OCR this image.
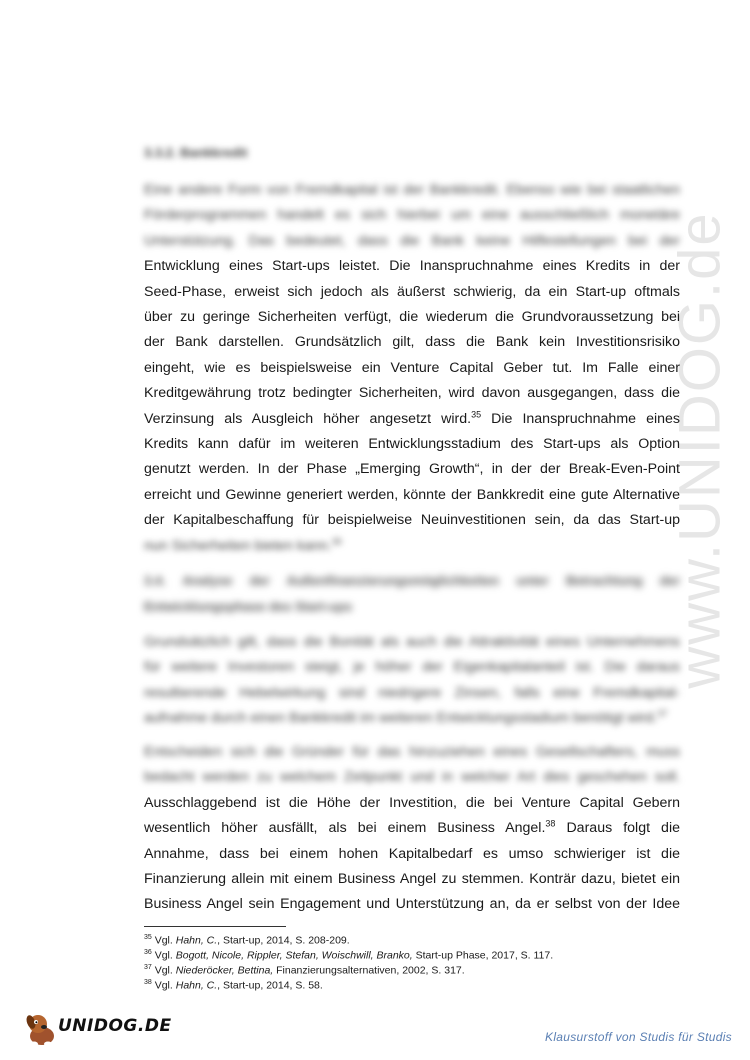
www.UNIDOG.de
3.3.2. Bankkredit
Eine andere Form von Fremdkapital ist der Bankkredit. Ebenso wie bei staatlichen
Förderprogrammen handelt es sich hierbei um eine ausschließlich monetäre
Unterstützung. Das bedeutet, dass die Bank keine Hilfestellungen bei der
Entwicklung eines Start-ups leistet. Die Inanspruchnahme eines Kredits in der
Seed-Phase, erweist sich jedoch als äußerst schwierig, da ein Start-up oftmals
über zu geringe Sicherheiten verfügt, die wiederum die Grundvoraussetzung bei
der Bank darstellen. Grundsätzlich gilt, dass die Bank kein Investitionsrisiko
eingeht, wie es beispielsweise ein Venture Capital Geber tut. Im Falle einer
Kreditgewährung trotz bedingter Sicherheiten, wird davon ausgegangen, dass die
Verzinsung als Ausgleich höher angesetzt wird.$^{35}$ Die Inanspruchnahme eines
Kredits kann dafür im weiteren Entwicklungsstadium des Start-ups als Option
genutzt werden. In der Phase „Emerging Growth“, in der der Break-Even-Point
erreicht und Gewinne generiert werden, könnte der Bankkredit eine gute Alternative
der Kapitalbeschaffung für beispielweise Neuinvestitionen sein, da das Start-up
nun Sicherheiten bieten kann.$^{36}$
3.4. Analyse der Außenfinanzierungsmöglichkeiten unter Betrachtung der
Entwicklungsphase des Start-ups
Grundsätzlich gilt, dass die Bonität als auch die Attraktivität eines Unternehmens
für weitere Investoren steigt, je höher der Eigenkapitalanteil ist. Die daraus
resultierende Hebelwirkung sind niedrigere Zinsen, falls eine Fremdkapital-
aufnahme durch einen Bankkredit im weiteren Entwicklungsstadium benötigt wird.$^{37}$
Entscheiden sich die Gründer für das hinzuziehen eines Gesellschafters, muss
bedacht werden zu welchem Zeitpunkt und in welcher Art dies geschehen soll.
Ausschlaggebend ist die Höhe der Investition, die bei Venture Capital Gebern
wesentlich höher ausfällt, als bei einem Business Angel.$^{38}$ Daraus folgt die
Annahme, dass bei einem hohen Kapitalbedarf es umso schwieriger ist die
Finanzierung allein mit einem Business Angel zu stemmen. Konträr dazu, bietet ein
Business Angel sein Engagement und Unterstützung an, da er selbst von der Idee
$^{35}$ Vgl. Hahn, C., Start-up, 2014, S. 208-209.
$^{36}$ Vgl. Bogott, Nicole, Rippler, Stefan, Woischwill, Branko, Start-up Phase, 2017, S. 117.
$^{37}$ Vgl. Niederöcker, Bettina, Finanzierungsalternativen, 2002, S. 317.
$^{38}$ Vgl. Hahn, C., Start-up, 2014, S. 58.
UNIDOG.DE
Klausurstoff von Studis für Studis
